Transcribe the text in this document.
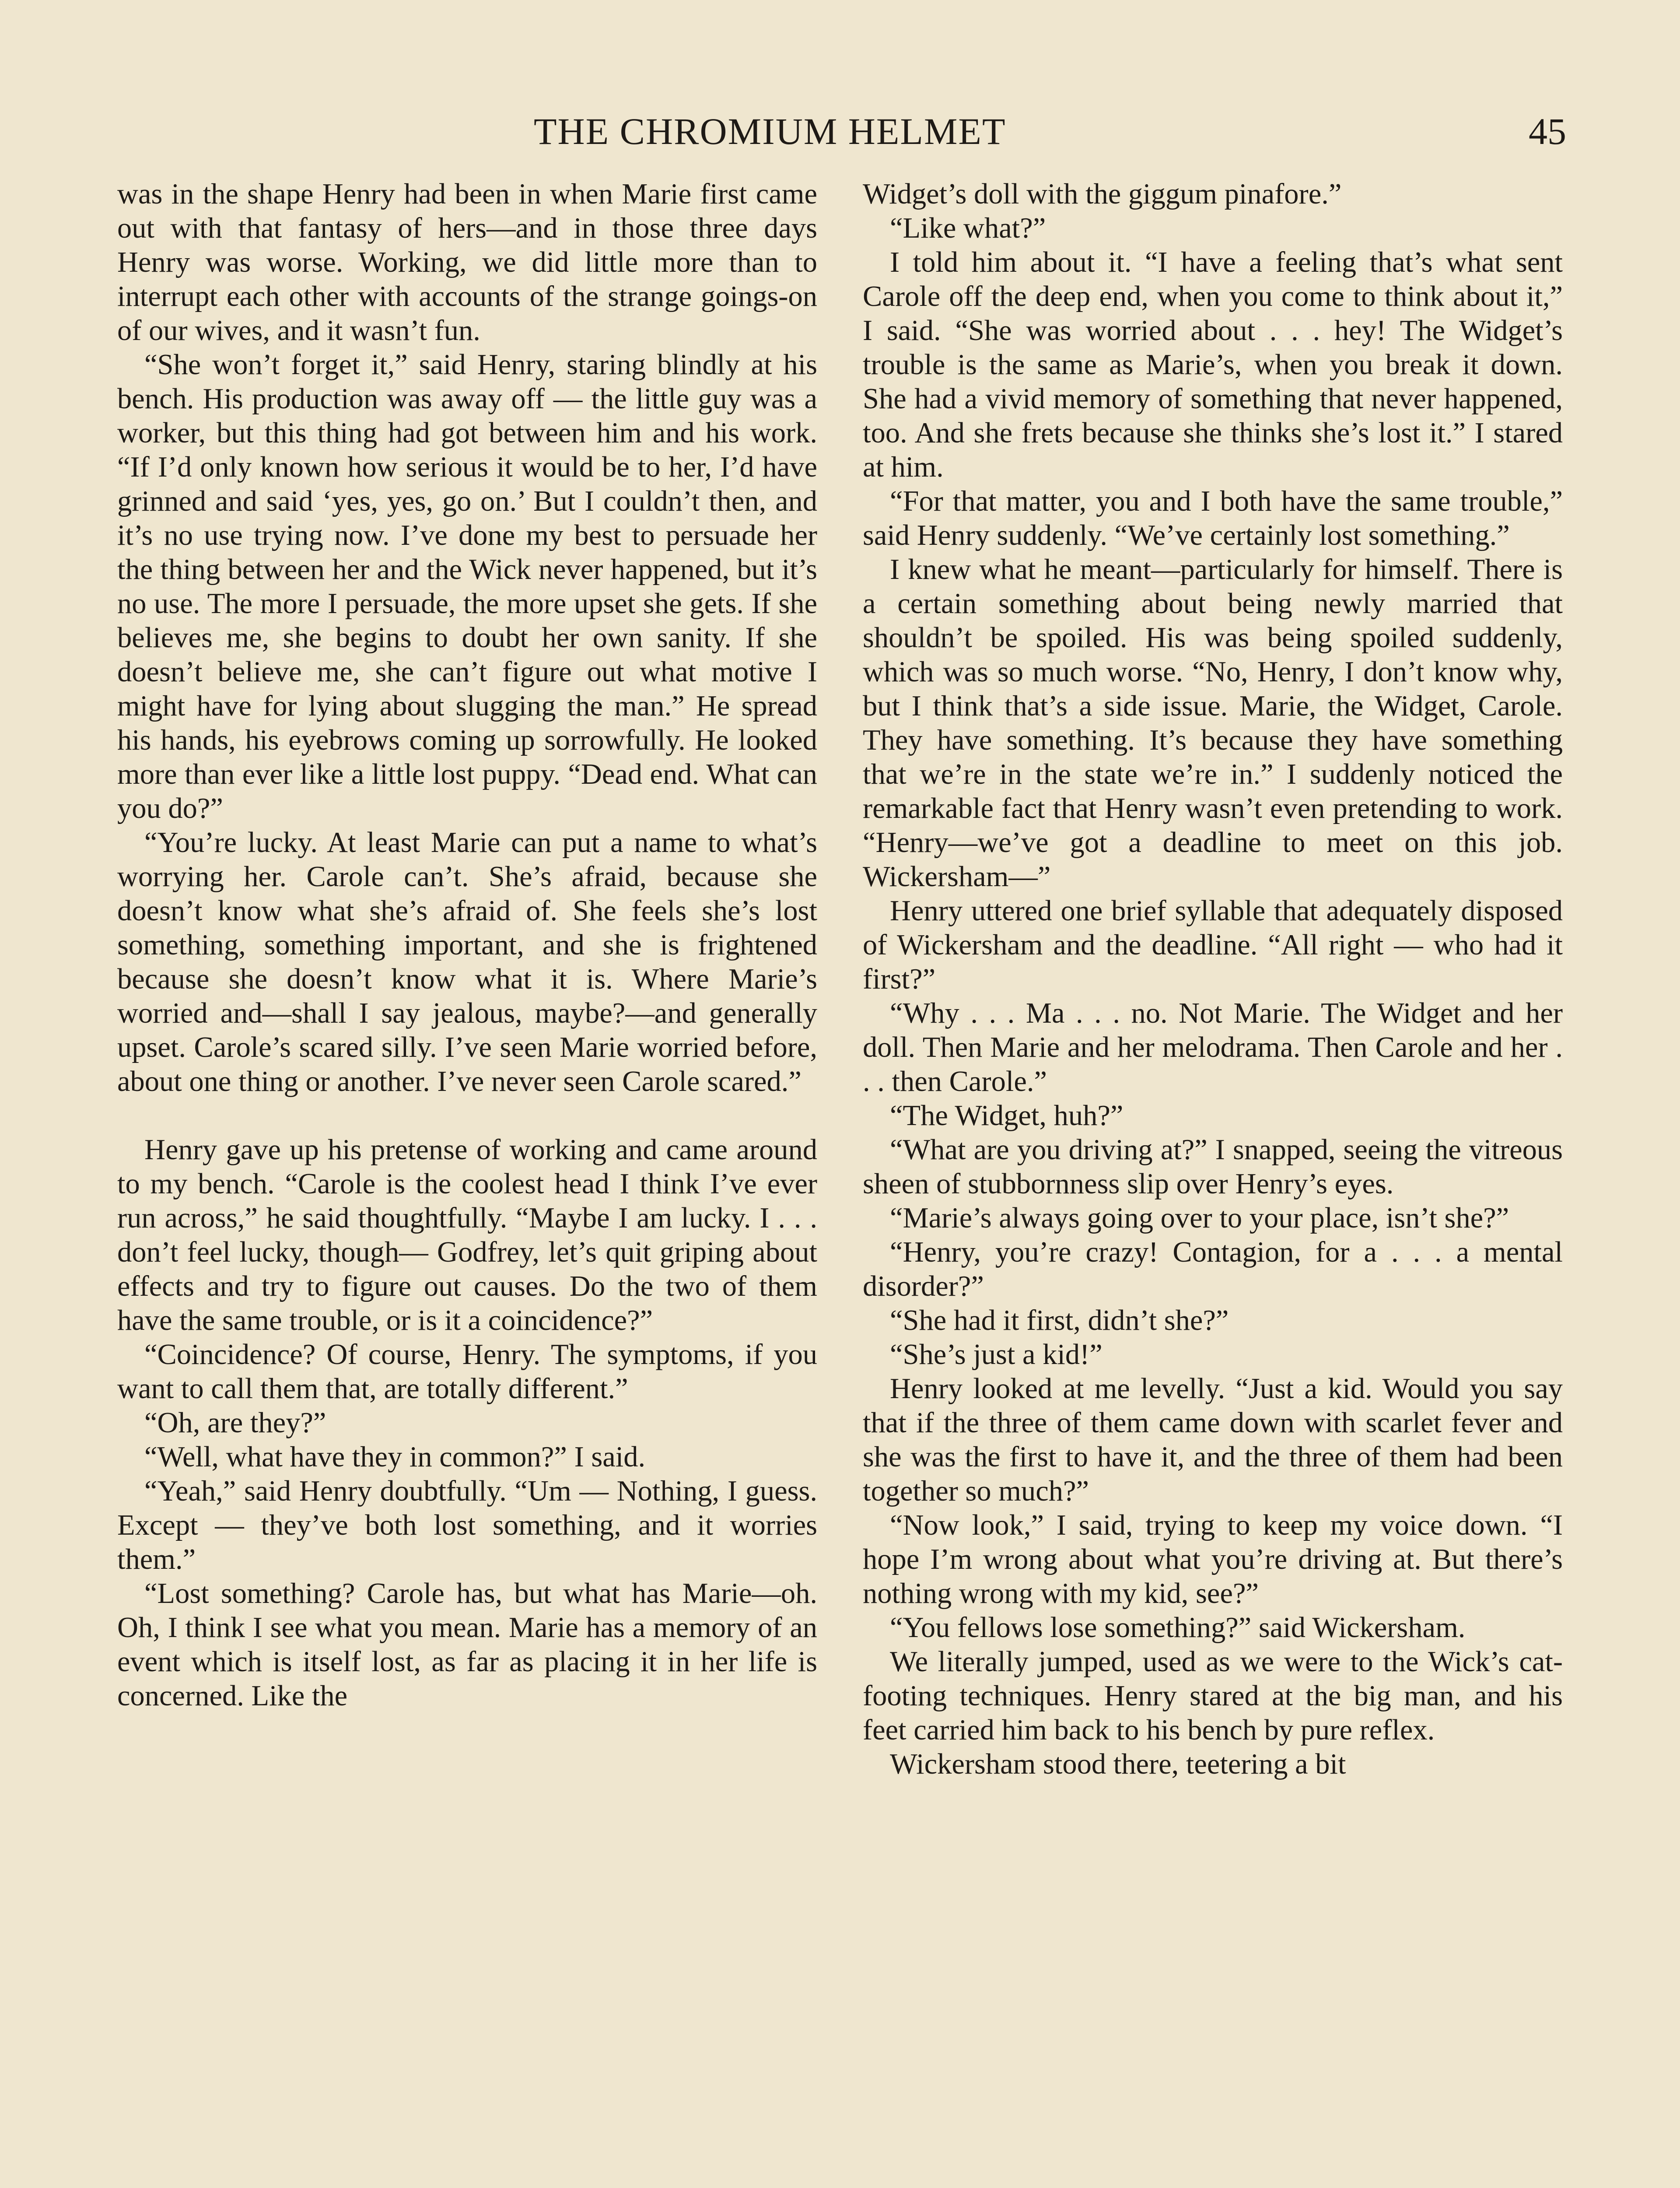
THE CHROMIUM HELMET	45

was in the shape Henry had been in when Marie first came out with that fantasy of hers—and in those three days Henry was worse. Working, we did little more than to interrupt each other with accounts of the strange goings-on of our wives, and it wasn’t fun.

“She won’t forget it,” said Henry, staring blindly at his bench. His production was away off — the little guy was a worker, but this thing had got between him and his work. “If I’d only known how serious it would be to her, I’d have grinned and said ‘yes, yes, go on.’ But I couldn’t then, and it’s no use trying now. I’ve done my best to persuade her the thing between her and the Wick never happened, but it’s no use. The more I persuade, the more upset she gets. If she believes me, she begins to doubt her own sanity. If she doesn’t believe me, she can’t figure out what motive I might have for lying about slugging the man.” He spread his hands, his eyebrows coming up sorrowfully. He looked more than ever like a little lost puppy. “Dead end. What can you do?”

“You’re lucky. At least Marie can put a name to what’s worrying her. Carole can’t. She’s afraid, because she doesn’t know what she’s afraid of. She feels she’s lost something, something important, and she is frightened because she doesn’t know what it is. Where Marie’s worried and—shall I say jealous, maybe?—and generally upset. Carole’s scared silly. I’ve seen Marie worried before, about one thing or another. I’ve never seen Carole scared.”

Henry gave up his pretense of working and came around to my bench. “Carole is the coolest head I think I’ve ever run across,” he said thoughtfully. “Maybe I am lucky. I . . . don’t feel lucky, though— Godfrey, let’s quit griping about effects and try to figure out causes. Do the two of them have the same trouble, or is it a coincidence?”

“Coincidence? Of course, Henry. The symptoms, if you want to call them that, are totally different.”

“Oh, are they?”

“Well, what have they in common?” I said.

“Yeah,” said Henry doubtfully. “Um — Nothing, I guess. Except — they’ve both lost something, and it worries them.”

“Lost something? Carole has, but what has Marie—oh. Oh, I think I see what you mean. Marie has a memory of an event which is itself lost, as far as placing it in her life is concerned. Like the

Widget’s doll with the giggum pinafore.”

“Like what?”

I told him about it. “I have a feeling that’s what sent Carole off the deep end, when you come to think about it,” I said. “She was worried about . . . hey! The Widget’s trouble is the same as Marie’s, when you break it down. She had a vivid memory of something that never happened, too. And she frets because she thinks she’s lost it.” I stared at him.

“For that matter, you and I both have the same trouble,” said Henry suddenly. “We’ve certainly lost something.”

I knew what he meant—particularly for himself. There is a certain something about being newly married that shouldn’t be spoiled. His was being spoiled suddenly, which was so much worse. “No, Henry, I don’t know why, but I think that’s a side issue. Marie, the Widget, Carole. They have something. It’s because they have something that we’re in the state we’re in.” I suddenly noticed the remarkable fact that Henry wasn’t even pretending to work. “Henry—we’ve got a deadline to meet on this job. Wickersham—”

Henry uttered one brief syllable that adequately disposed of Wickersham and the deadline. “All right — who had it first?”

“Why . . . Ma . . . no. Not Marie. The Widget and her doll. Then Marie and her melodrama. Then Carole and her . . . then Carole.”

“The Widget, huh?”

“What are you driving at?” I snapped, seeing the vitreous sheen of stubbornness slip over Henry’s eyes.

“Marie’s always going over to your place, isn’t she?”

“Henry, you’re crazy! Contagion, for a . . . a mental disorder?”

“She had it first, didn’t she?”

“She’s just a kid!”

Henry looked at me levelly. “Just a kid. Would you say that if the three of them came down with scarlet fever and she was the first to have it, and the three of them had been together so much?”

“Now look,” I said, trying to keep my voice down. “I hope I’m wrong about what you’re driving at. But there’s nothing wrong with my kid, see?”

“You fellows lose something?” said Wickersham.

We literally jumped, used as we were to the Wick’s cat-footing techniques. Henry stared at the big man, and his feet carried him back to his bench by pure reflex.

Wickersham stood there, teetering a bit
